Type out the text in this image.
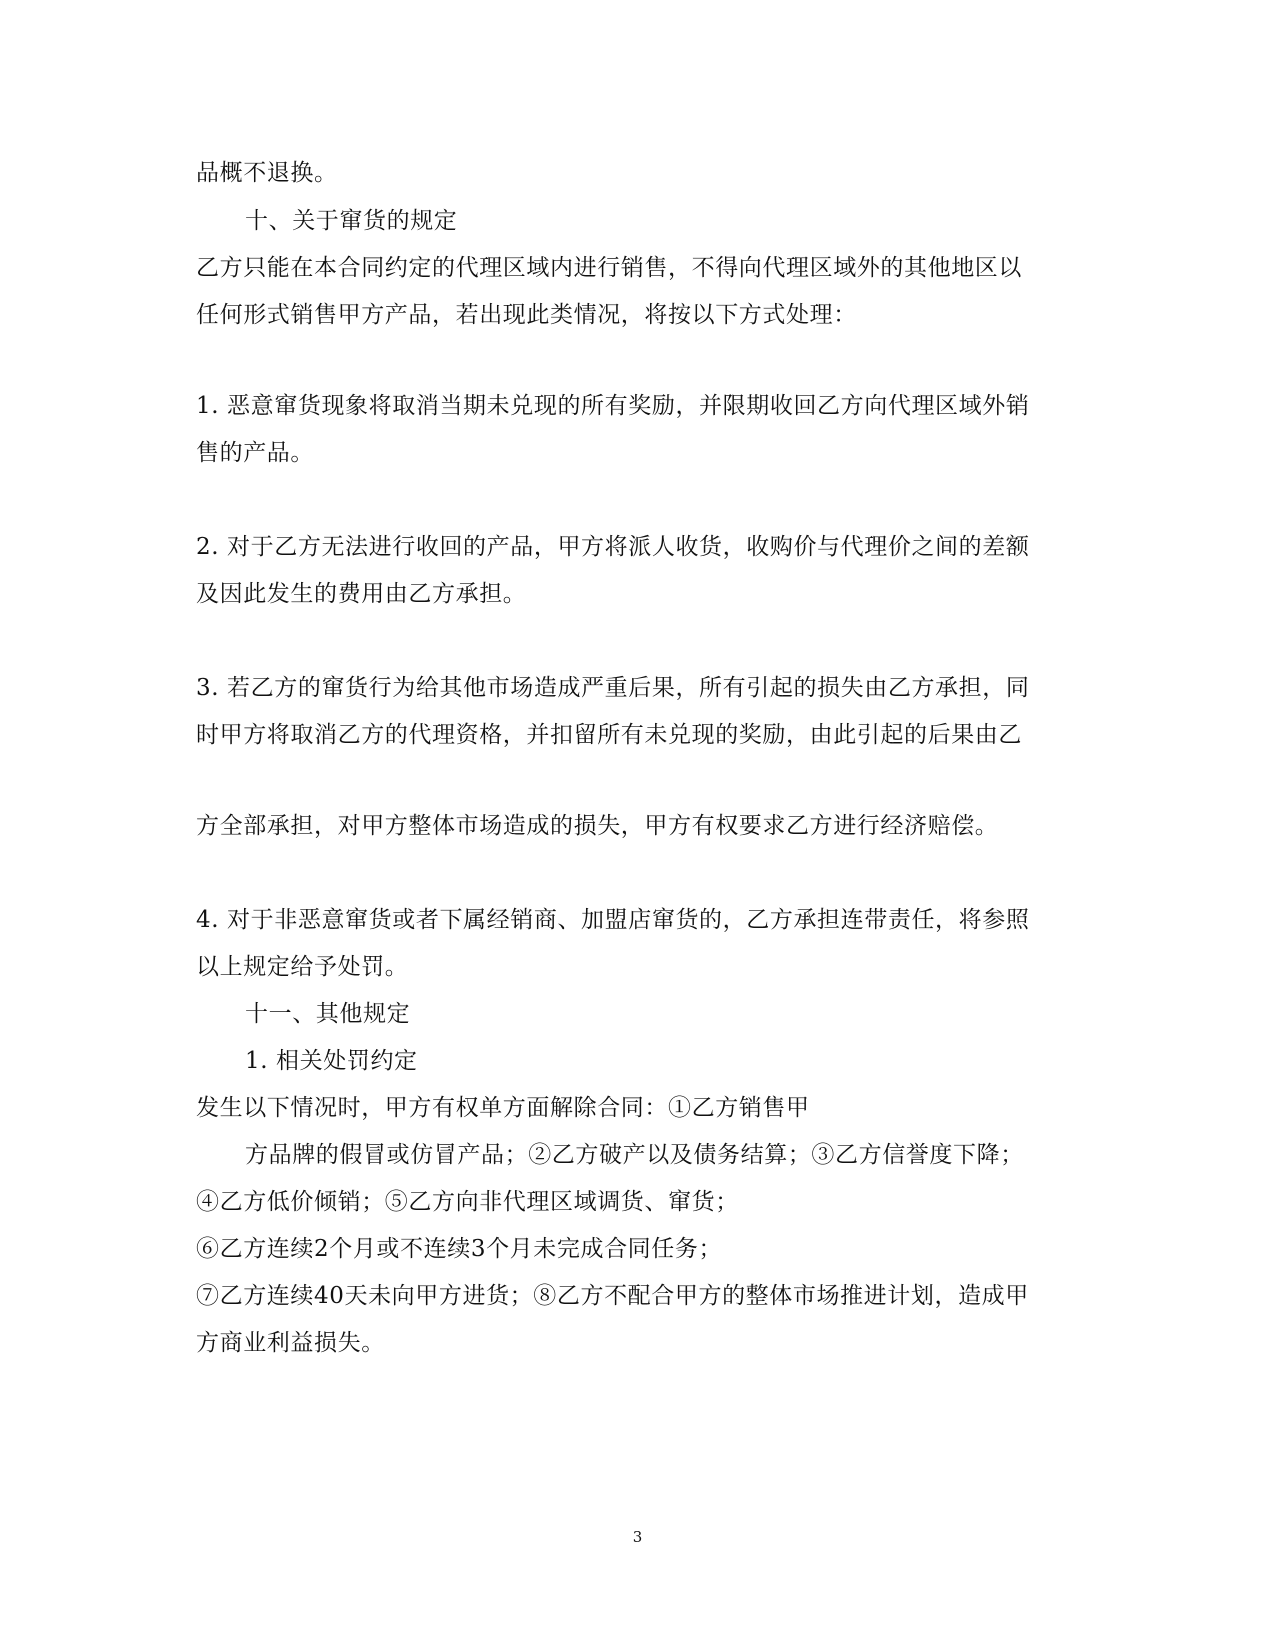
品概不退换。
十、关于窜货的规定
乙方只能在本合同约定的代理区域内进行销售，不得向代理区域外的其他地区以
任何形式销售甲方产品，若出现此类情况，将按以下方式处理：
1. 恶意窜货现象将取消当期未兑现的所有奖励，并限期收回乙方向代理区域外销
售的产品。
2. 对于乙方无法进行收回的产品，甲方将派人收货，收购价与代理价之间的差额
及因此发生的费用由乙方承担。
3. 若乙方的窜货行为给其他市场造成严重后果，所有引起的损失由乙方承担，同
时甲方将取消乙方的代理资格，并扣留所有未兑现的奖励，由此引起的后果由乙
方全部承担，对甲方整体市场造成的损失，甲方有权要求乙方进行经济赔偿。
4. 对于非恶意窜货或者下属经销商、加盟店窜货的，乙方承担连带责任，将参照
以上规定给予处罚。
十一、其他规定
1. 相关处罚约定
发生以下情况时，甲方有权单方面解除合同：①乙方销售甲
方品牌的假冒或仿冒产品；②乙方破产以及债务结算；③乙方信誉度下降；
④乙方低价倾销；⑤乙方向非代理区域调货、窜货；
⑥乙方连续2个月或不连续3个月未完成合同任务；
⑦乙方连续40天未向甲方进货；⑧乙方不配合甲方的整体市场推进计划，造成甲
方商业利益损失。
3
